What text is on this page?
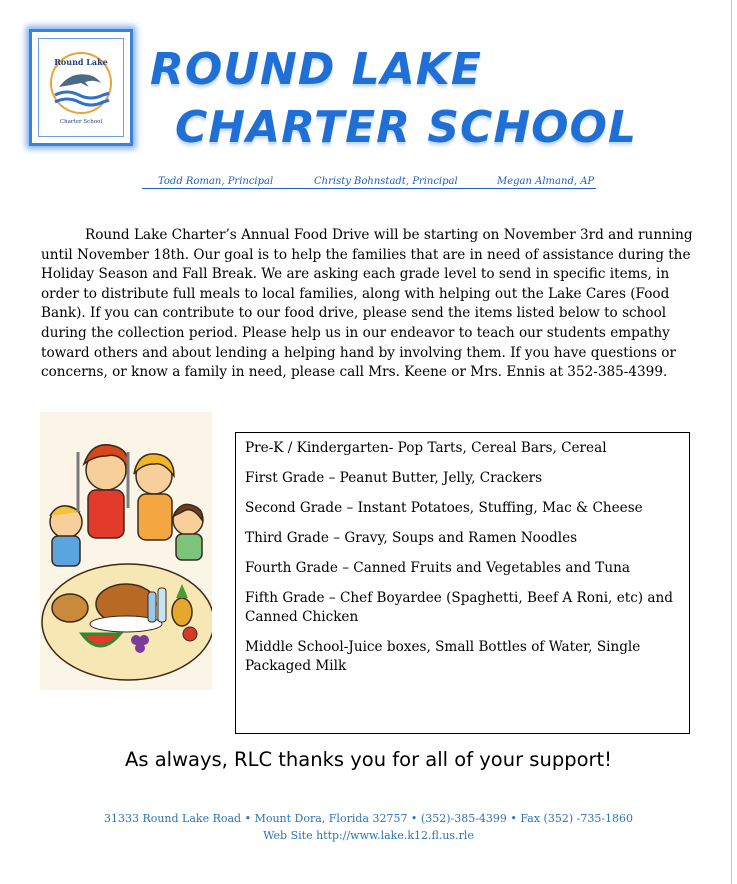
Round Lake
Charter School
ROUND LAKE
CHARTER SCHOOL
Todd Roman, Principal	Christy Bohnstadt, Principal	Megan Almand, AP
Round Lake Charter’s Annual Food Drive will be starting on November 3rd and running until November 18th. Our goal is to help the families that are in need of assistance during the Holiday Season and Fall Break. We are asking each grade level to send in specific items, in order to distribute full meals to local families, along with helping out the Lake Cares (Food Bank). If you can contribute to our food drive, please send the items listed below to school during the collection period. Please help us in our endeavor to teach our students empathy toward others and about lending a helping hand by involving them. If you have questions or concerns, or know a family in need, please call Mrs. Keene or Mrs. Ennis at 352-385-4399.
Pre-K / Kindergarten- Pop Tarts, Cereal Bars, Cereal
First Grade – Peanut Butter, Jelly, Crackers
Second Grade – Instant Potatoes, Stuffing, Mac & Cheese
Third Grade – Gravy, Soups and Ramen Noodles
Fourth Grade – Canned Fruits and Vegetables and Tuna
Fifth Grade – Chef Boyardee (Spaghetti, Beef A Roni, etc) and Canned Chicken
Middle School-Juice boxes, Small Bottles of Water, Single Packaged Milk
As always, RLC thanks you for all of your support!
31333 Round Lake Road • Mount Dora, Florida 32757 • (352)-385-4399 • Fax (352) -735-1860
Web Site http://www.lake.k12.fl.us.rle
